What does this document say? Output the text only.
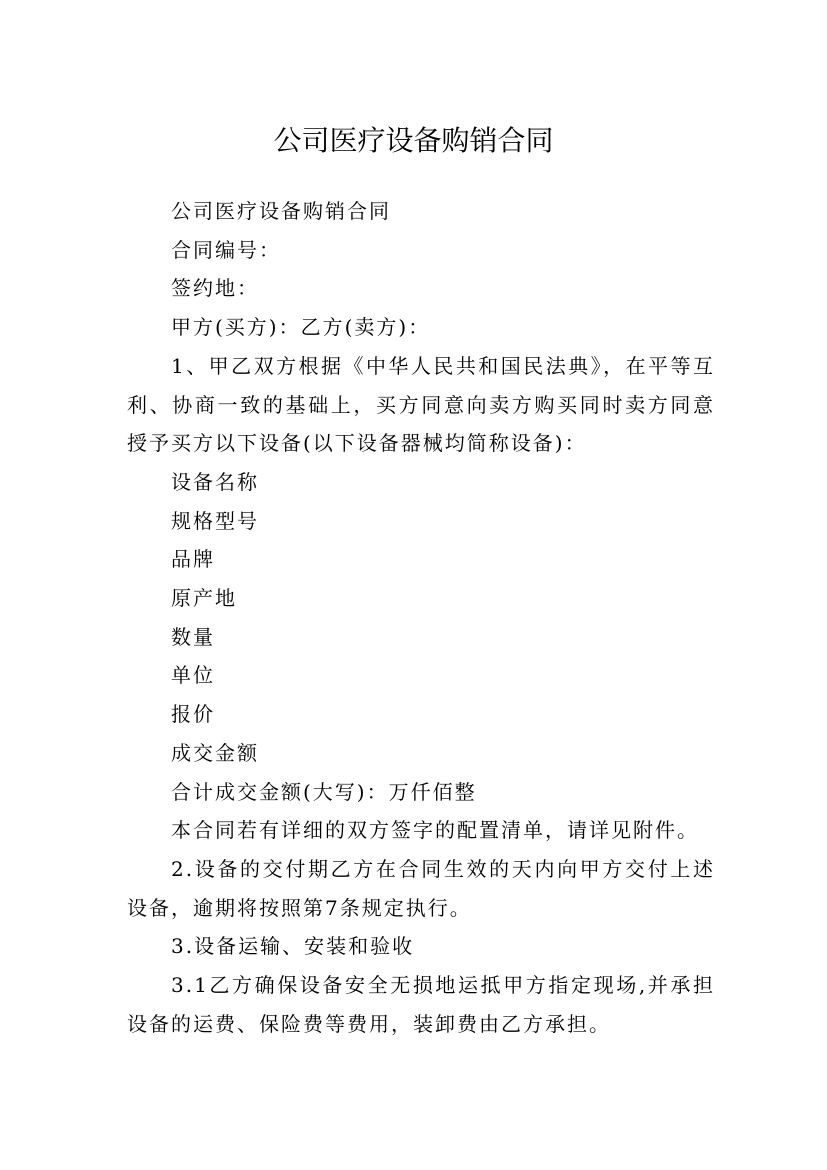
公司医疗设备购销合同

公司医疗设备购销合同

合同编号：

签约地：

甲方(买方)：乙方(卖方)：

1、甲乙双方根据《中华人民共和国民法典》，在平等互利、协商一致的基础上，买方同意向卖方购买同时卖方同意授予买方以下设备(以下设备器械均简称设备)：

设备名称

规格型号

品牌

原产地

数量

单位

报价

成交金额

合计成交金额(大写)：万仟佰整

本合同若有详细的双方签字的配置清单，请详见附件。

2.设备的交付期乙方在合同生效的天内向甲方交付上述设备，逾期将按照第7条规定执行。

3.设备运输、安装和验收

3.1乙方确保设备安全无损地运抵甲方指定现场,并承担设备的运费、保险费等费用，装卸费由乙方承担。
